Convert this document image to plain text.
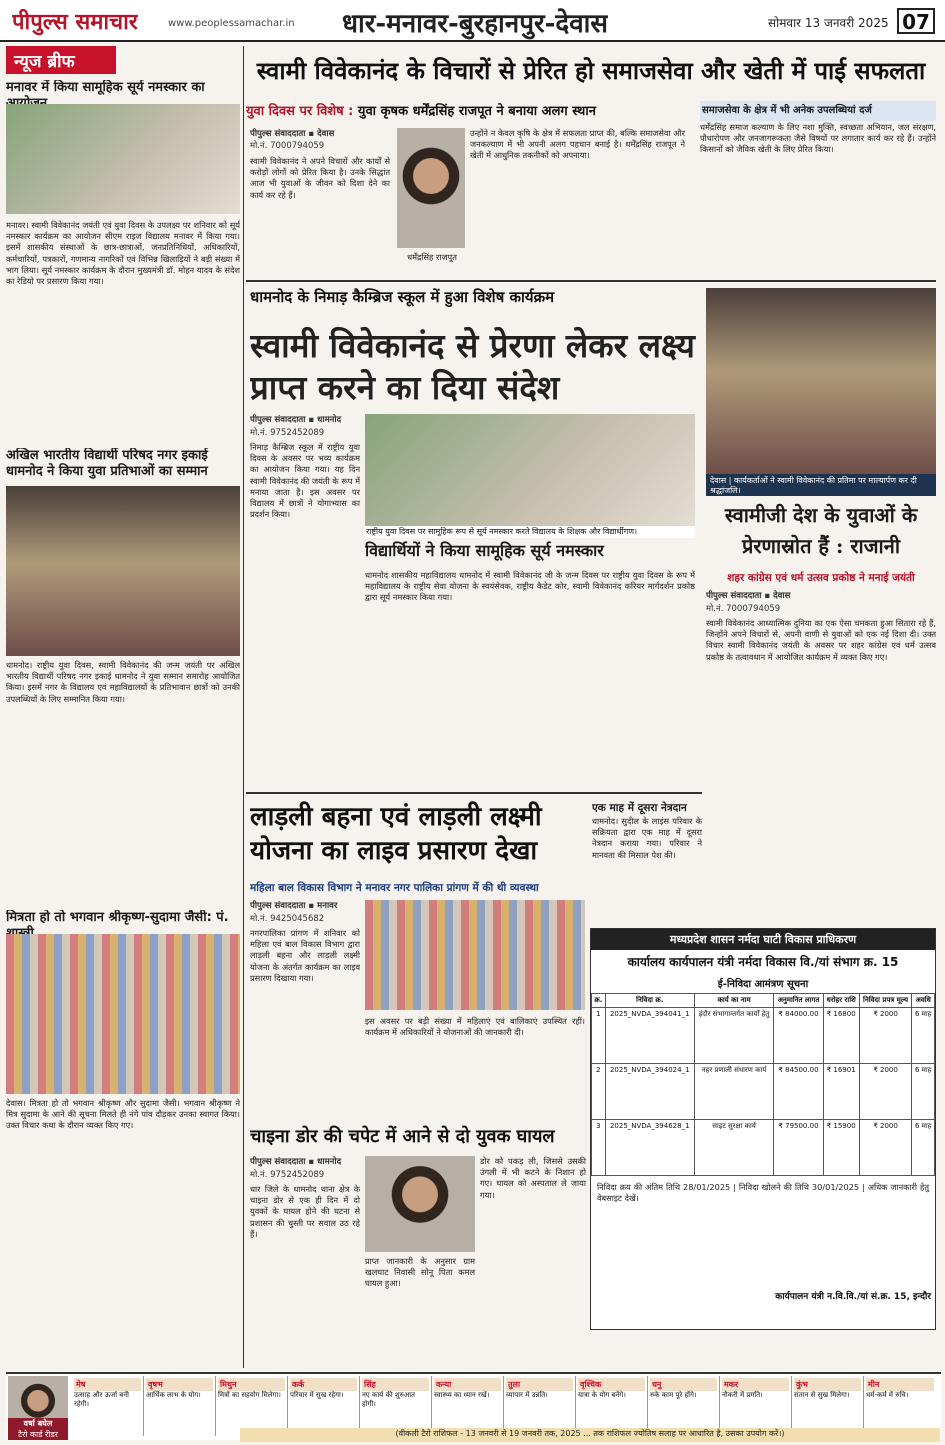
पीपुल्स समाचार	www.peoplessamachar.in धार-मनावर-बुरहानपुर-देवास	सोमवार 13 जनवरी 2025 07
न्यूज ब्रीफ
मनावर में किया सामूहिक सूर्य नमस्कार का
मनावर। स्वामी विवेकानंद जयंती एवं युवा दिवस के उपलक्ष्य पर शनिवार को सूर्य नमस्कार कार्यक्रम का आयोजन सीएम राइज विद्यालय मनावर में किया गया। इसमें शासकीय संस्थाओं के छात्र-छात्राओं, जनप्रतिनिधियों, अधिकारियों, कर्मचारियों, पत्रकारों, गणमान्य नागरिकों एवं विभिन्न खिलाड़ियों ने बड़ी संख्या में भाग लिया। सूर्य नमस्कार कार्यक्रम के दौरान मुख्यमंत्री डॉ. मोहन यादव के संदेश का रेडियो पर प्रसारण किया गया।
अखिल भारतीय विद्यार्थी परिषद नगर इकाई धामनोद ने किया युवा प्रतिभाओं का सम्मान
धामनोद। राष्ट्रीय युवा दिवस, स्वामी विवेकानंद की जन्म जयंती पर अखिल भारतीय विद्यार्थी परिषद नगर इकाई धामनोद ने युवा सम्मान समारोह आयोजित किया। इसमें नगर के विद्यालय एवं महाविद्यालयों के प्रतिभावान छात्रों को उनकी उपलब्धियों के लिए सम्मानित किया गया।
मित्रता हो तो भगवान श्रीकृष्ण-सुदामा जैसी: पं.
देवास। मित्रता हो तो भगवान श्रीकृष्ण और सुदामा जैसी। भगवान श्रीकृष्ण ने मित्र सुदामा के आने की सूचना मिलते ही नंगे पांव दौड़कर उनका स्वागत किया। उक्त विचार कथा के दौरान व्यक्त किए गए।
स्वामी विवेकानंद के विचारों से प्रेरित हो समाजसेवा और खेती में पाई सफलता
युवा दिवस पर विशेष : युवा कृषक धर्मेंद्रसिंह राजपूत ने बनाया अलग स्थान
पीपुल्स संवाददाता ▪ देवास
मो.नं. 7000794059
स्वामी विवेकानंद ने अपने विचारों और कार्यों से करोड़ों लोगों को प्रेरित किया है। उनके सिद्धांत आज भी युवाओं के जीवन को दिशा देने का कार्य कर रहे हैं।
धर्मेंद्रसिंह राजपूत
उन्होंने न केवल कृषि के क्षेत्र में सफलता प्राप्त की, बल्कि समाजसेवा और जनकल्याण में भी अपनी अलग पहचान बनाई है। धर्मेंद्रसिंह राजपूत ने खेती में आधुनिक तकनीकों को अपनाया।
समाजसेवा के क्षेत्र में भी अनेक उपलब्धियां दर्ज
धर्मेंद्रसिंह समाज कल्याण के लिए नशा मुक्ति, स्वच्छता अभियान, जल संरक्षण, पौधारोपण और जनजागरूकता जैसे विषयों पर लगातार कार्य कर रहे हैं। उन्होंने किसानों को जैविक खेती के लिए प्रेरित किया।
धामनोद के निमाड़ कैम्ब्रिज स्कूल में हुआ विशेष कार्यक्रम
स्वामी विवेकानंद से प्रेरणा लेकर लक्ष्य प्राप्त करने का दिया संदेश
पीपुल्स संवाददाता ▪ धामनोद
मो.नं. 9752452089
निमाड़ कैम्ब्रिज स्कूल में राष्ट्रीय युवा दिवस के अवसर पर भव्य कार्यक्रम का आयोजन किया गया। यह दिन स्वामी विवेकानंद की जयंती के रूप में मनाया जाता है। इस अवसर पर विद्यालय में छात्रों ने योगाभ्यास का प्रदर्शन किया।
राष्ट्रीय युवा दिवस पर सामूहिक रूप से सूर्य नमस्कार करते विद्यालय के शिक्षक और विद्यार्थीगण।
विद्यार्थियों ने किया सामूहिक सूर्य नमस्कार
धामनोद शासकीय महाविद्यालय धामनोद में स्वामी विवेकानंद जी के जन्म दिवस पर राष्ट्रीय युवा दिवस के रूप में महाविद्यालय के राष्ट्रीय सेवा योजना के स्वयंसेवक, राष्ट्रीय कैडेट कोर, स्वामी विवेकानंद करियर मार्गदर्शन प्रकोष्ठ द्वारा सूर्य नमस्कार किया गया।
देवास | कार्यकर्ताओं ने स्वामी विवेकानंद की प्रतिमा पर माल्यार्पण कर दी श्रद्धांजलि।
स्वामीजी देश के युवाओं के प्रेरणास्रोत हैं : राजानी
शहर कांग्रेस एवं धर्म उत्सव प्रकोष्ठ ने मनाई जयंती
पीपुल्स संवाददाता ▪ देवास
मो.नं. 7000794059
स्वामी विवेकानंद आध्यात्मिक दुनिया का एक ऐसा चमकता हुआ सितारा रहे हैं, जिन्होंने अपने विचारों से, अपनी वाणी से युवाओं को एक नई दिशा दी। उक्त विचार स्वामी विवेकानंद जयंती के अवसर पर शहर कांग्रेस एवं धर्म उत्सव प्रकोष्ठ के तत्वावधान में आयोजित कार्यक्रम में व्यक्त किए गए।
लाड़ली बहना एवं लाड़ली लक्ष्मी योजना का लाइव प्रसारण देखा
महिला बाल विकास विभाग ने मनावर नगर पालिका प्रांगण में की थी व्यवस्था
पीपुल्स संवाददाता ▪ मनावर
मो.नं. 9425045682
नगरपालिका प्रांगण में शनिवार को महिला एवं बाल विकास विभाग द्वारा लाड़ली बहना और लाड़ली लक्ष्मी योजना के अंतर्गत कार्यक्रम का लाइव प्रसारण दिखाया गया।
इस अवसर पर बड़ी संख्या में महिलाएं एवं बालिकाएं उपस्थित रहीं। कार्यक्रम में अधिकारियों ने योजनाओं की जानकारी दी।
एक माह में दूसरा नेत्रदान
धामनोद। सुदील के लाइंस परिवार के सक्रियता द्वारा एक माह में दूसरा नेत्रदान कराया गया। परिवार ने मानवता की मिसाल पेश की।
चाइना डोर की चपेट में आने से दो युवक घायल
पीपुल्स संवाददाता ▪ धामनोद
मो.नं. 9752452089
धार जिले के धामनोद थाना क्षेत्र के चाइना डोर से एक ही दिन में दो युवकों के घायल होने की घटना से प्रशासन की चुस्ती पर सवाल उठ रहे हैं।
प्राप्त जानकारी के अनुसार ग्राम खलघाट निवासी सोनू पिता कमल घायल हुआ।
डोर को पकड़ ली, जिससे उसकी उंगली में भी कटने के निशान हो गए। घायल को अस्पताल ले जाया गया।
मध्यप्रदेश शासन नर्मदा घाटी विकास प्राधिकरण
कार्यालय कार्यपालन यंत्री नर्मदा विकास वि./यां संभाग क्र. 15
ई-निविदा आमंत्रण सूचना
क्र.	निविदा क्र.	कार्य का नाम	अनुमानित लागत	धरोहर राशि	निविदा प्रपत्र मूल्य	अवधि
1	2025_NVDA_394041_1	इंदौर संभागान्तर्गत कार्यों हेतु	₹ 84000.00	₹ 16800	₹ 2000	6 माह
2	2025_NVDA_394024_1	नहर प्रणाली संधारण कार्य	₹ 84500.00	₹ 16901	₹ 2000	6 माह
3	2025_NVDA_394628_1	साइट सुरक्षा कार्य	₹ 79500.00	₹ 15900	₹ 2000	6 माह
निविदा क्रय की अंतिम तिथि 28/01/2025 | निविदा खोलने की तिथि 30/01/2025 | अधिक जानकारी हेतु वेबसाइट देखें।
कार्यपालन यंत्री न.वि.वि./यां सं.क्र. 15, इन्दौर
वर्षा बघेल
टैरो कार्ड रीडर
मेष
उत्साह और ऊर्जा बनी रहेगी।
वृषभ
आर्थिक लाभ के योग।
मिथुन
मित्रों का सहयोग मिलेगा।
कर्क
परिवार में सुख रहेगा।
सिंह
नए कार्य की शुरुआत होगी।
कन्या
स्वास्थ्य का ध्यान रखें।
तुला
व्यापार में उन्नति।
वृश्चिक
यात्रा के योग बनेंगे।
धनु
रुके काम पूरे होंगे।
मकर
नौकरी में प्रगति।
कुंभ
संतान से सुख मिलेगा।
मीन
धर्म-कर्म में रुचि।
(वीकली टैरो राशिफल - 13 जनवरी से 19 जनवरी तक, 2025 ... तक राशिफल ज्योतिष सलाह पर आधारित है, उसका उपयोग करें।)
